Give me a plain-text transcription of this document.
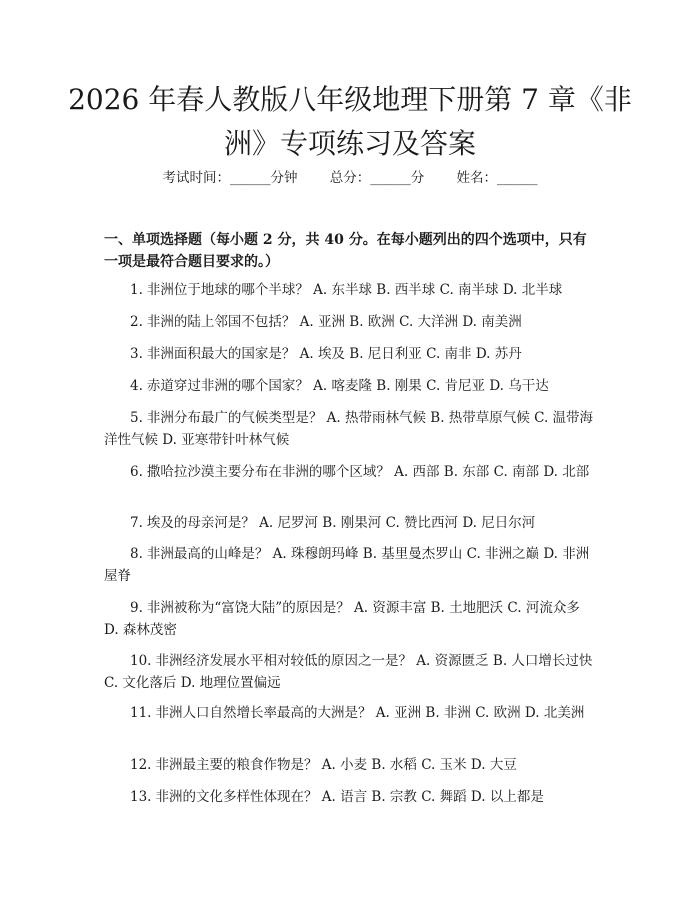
2026 年春人教版八年级地理下册第 7 章《非
洲》专项练习及答案
考试时间：______分钟 总分：______分 姓名：______

一、单项选择题（每小题 2 分，共 40 分。在每小题列出的四个选项中，只有一项是最符合题目要求的。）

1. 非洲位于地球的哪个半球？ A. 东半球 B. 西半球 C. 南半球 D. 北半球

2. 非洲的陆上邻国不包括？ A. 亚洲 B. 欧洲 C. 大洋洲 D. 南美洲

3. 非洲面积最大的国家是？ A. 埃及 B. 尼日利亚 C. 南非 D. 苏丹

4. 赤道穿过非洲的哪个国家？ A. 喀麦隆 B. 刚果 C. 肯尼亚 D. 乌干达

5. 非洲分布最广的气候类型是？ A. 热带雨林气候 B. 热带草原气候 C. 温带海洋性气候 D. 亚寒带针叶林气候

6. 撒哈拉沙漠主要分布在非洲的哪个区域？ A. 西部 B. 东部 C. 南部 D. 北部

7. 埃及的母亲河是？ A. 尼罗河 B. 刚果河 C. 赞比西河 D. 尼日尔河

8. 非洲最高的山峰是？ A. 珠穆朗玛峰 B. 基里曼杰罗山 C. 非洲之巅 D. 非洲屋脊

9. 非洲被称为“富饶大陆”的原因是？ A. 资源丰富 B. 土地肥沃 C. 河流众多 D. 森林茂密

10. 非洲经济发展水平相对较低的原因之一是？ A. 资源匮乏 B. 人口增长过快 C. 文化落后 D. 地理位置偏远

11. 非洲人口自然增长率最高的大洲是？ A. 亚洲 B. 非洲 C. 欧洲 D. 北美洲

12. 非洲最主要的粮食作物是？ A. 小麦 B. 水稻 C. 玉米 D. 大豆

13. 非洲的文化多样性体现在？ A. 语言 B. 宗教 C. 舞蹈 D. 以上都是
